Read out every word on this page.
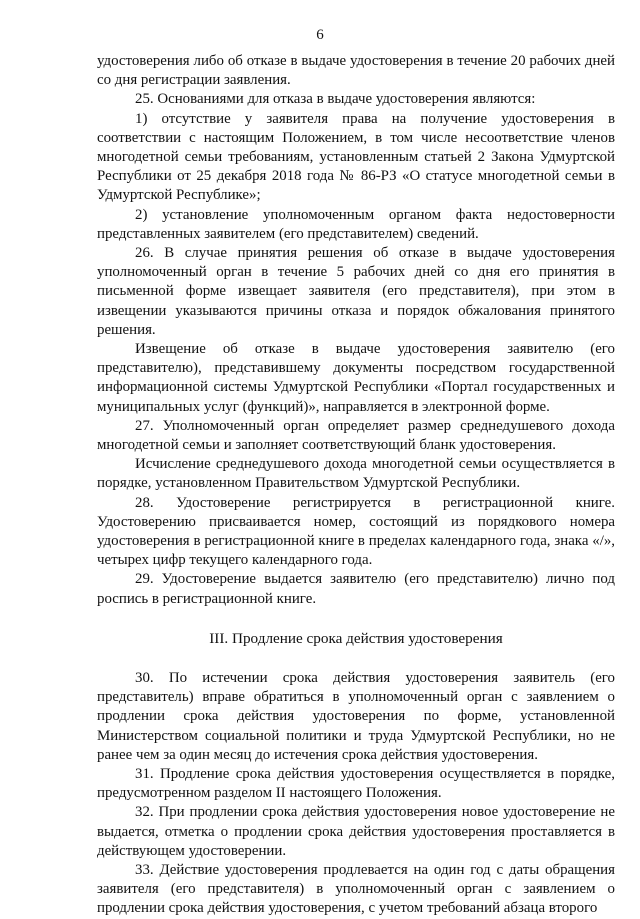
6

удостоверения либо об отказе в выдаче удостоверения в течение 20 рабочих дней со дня регистрации заявления.

25. Основаниями для отказа в выдаче удостоверения являются:

1) отсутствие у заявителя права на получение удостоверения в соответствии с настоящим Положением, в том числе несоответствие членов многодетной семьи требованиям, установленным статьей 2 Закона Удмуртской Республики от 25 декабря 2018 года № 86-РЗ «О статусе многодетной семьи в Удмуртской Республике»;

2) установление уполномоченным органом факта недостоверности представленных заявителем (его представителем) сведений.

26. В случае принятия решения об отказе в выдаче удостоверения уполномоченный орган в течение 5 рабочих дней со дня его принятия в письменной форме извещает заявителя (его представителя), при этом в извещении указываются причины отказа и порядок обжалования принятого решения.

Извещение об отказе в выдаче удостоверения заявителю (его представителю), представившему документы посредством государственной информационной системы Удмуртской Республики «Портал государственных и муниципальных услуг (функций)», направляется в электронной форме.

27. Уполномоченный орган определяет размер среднедушевого дохода многодетной семьи и заполняет соответствующий бланк удостоверения.

Исчисление среднедушевого дохода многодетной семьи осуществляется в порядке, установленном Правительством Удмуртской Республики.

28. Удостоверение регистрируется в регистрационной книге. Удостоверению присваивается номер, состоящий из порядкового номера удостоверения в регистрационной книге в пределах календарного года, знака «/», четырех цифр текущего календарного года.

29. Удостоверение выдается заявителю (его представителю) лично под роспись в регистрационной книге.

III. Продление срока действия удостоверения

30. По истечении срока действия удостоверения заявитель (его представитель) вправе обратиться в уполномоченный орган с заявлением о продлении срока действия удостоверения по форме, установленной Министерством социальной политики и труда Удмуртской Республики, но не ранее чем за один месяц до истечения срока действия удостоверения.

31. Продление срока действия удостоверения осуществляется в порядке, предусмотренном разделом II настоящего Положения.

32. При продлении срока действия удостоверения новое удостоверение не выдается, отметка о продлении срока действия удостоверения проставляется в действующем удостоверении.

33. Действие удостоверения продлевается на один год с даты обращения заявителя (его представителя) в уполномоченный орган с заявлением о продлении срока действия удостоверения, с учетом требований абзаца второго
